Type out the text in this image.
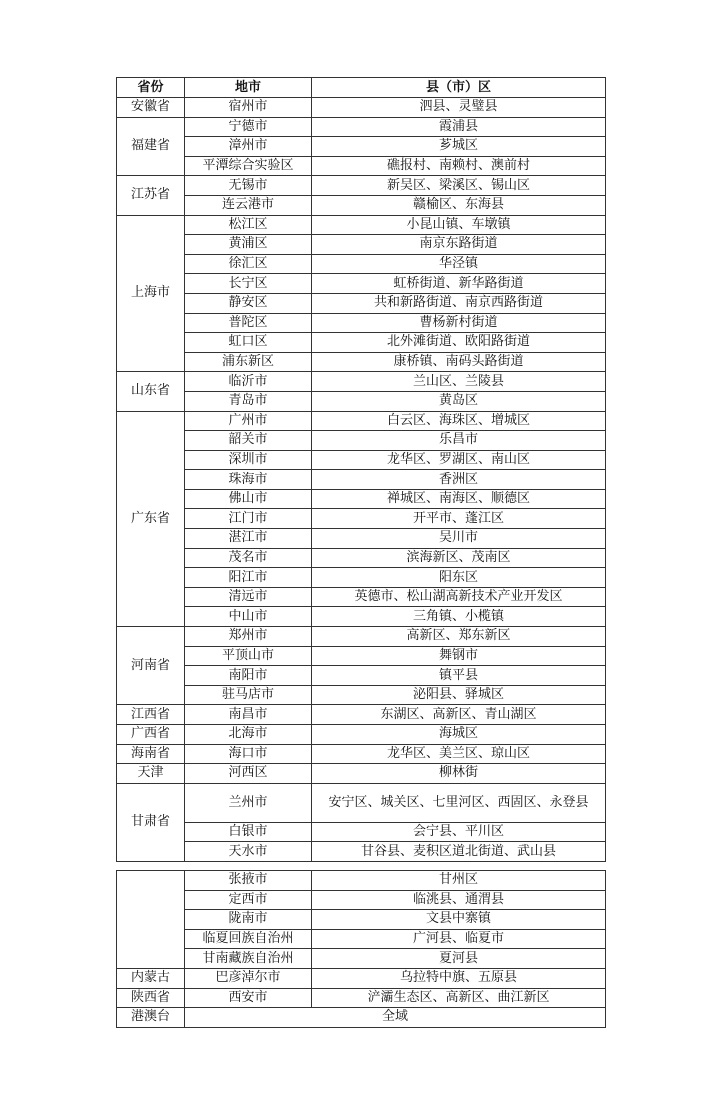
省份	地市	县（市）区
安徽省	宿州市	泗县、灵璧县
福建省	宁德市	霞浦县
	漳州市	芗城区
	平潭综合实验区	礁报村、南赖村、澳前村
江苏省	无锡市	新吴区、梁溪区、锡山区
	连云港市	赣榆区、东海县
上海市	松江区	小昆山镇、车墩镇
	黄浦区	南京东路街道
	徐汇区	华泾镇
	长宁区	虹桥街道、新华路街道
	静安区	共和新路街道、南京西路街道
	普陀区	曹杨新村街道
	虹口区	北外滩街道、欧阳路街道
	浦东新区	康桥镇、南码头路街道
山东省	临沂市	兰山区、兰陵县
	青岛市	黄岛区
广东省	广州市	白云区、海珠区、增城区
	韶关市	乐昌市
	深圳市	龙华区、罗湖区、南山区
	珠海市	香洲区
	佛山市	禅城区、南海区、顺德区
	江门市	开平市、蓬江区
	湛江市	吴川市
	茂名市	滨海新区、茂南区
	阳江市	阳东区
	清远市	英德市、松山湖高新技术产业开发区
	中山市	三角镇、小榄镇
河南省	郑州市	高新区、郑东新区
	平顶山市	舞钢市
	南阳市	镇平县
	驻马店市	泌阳县、驿城区
江西省	南昌市	东湖区、高新区、青山湖区
广西省	北海市	海城区
海南省	海口市	龙华区、美兰区、琼山区
天津	河西区	柳林街
甘肃省	兰州市	安宁区、城关区、七里河区、西固区、永登县
	白银市	会宁县、平川区
	天水市	甘谷县、麦积区道北街道、武山县
	张掖市	甘州区
	定西市	临洮县、通渭县
	陇南市	文县中寨镇
	临夏回族自治州	广河县、临夏市
	甘南藏族自治州	夏河县
内蒙古	巴彦淖尔市	乌拉特中旗、五原县
陕西省	西安市	浐灞生态区、高新区、曲江新区
港澳台	全域	
